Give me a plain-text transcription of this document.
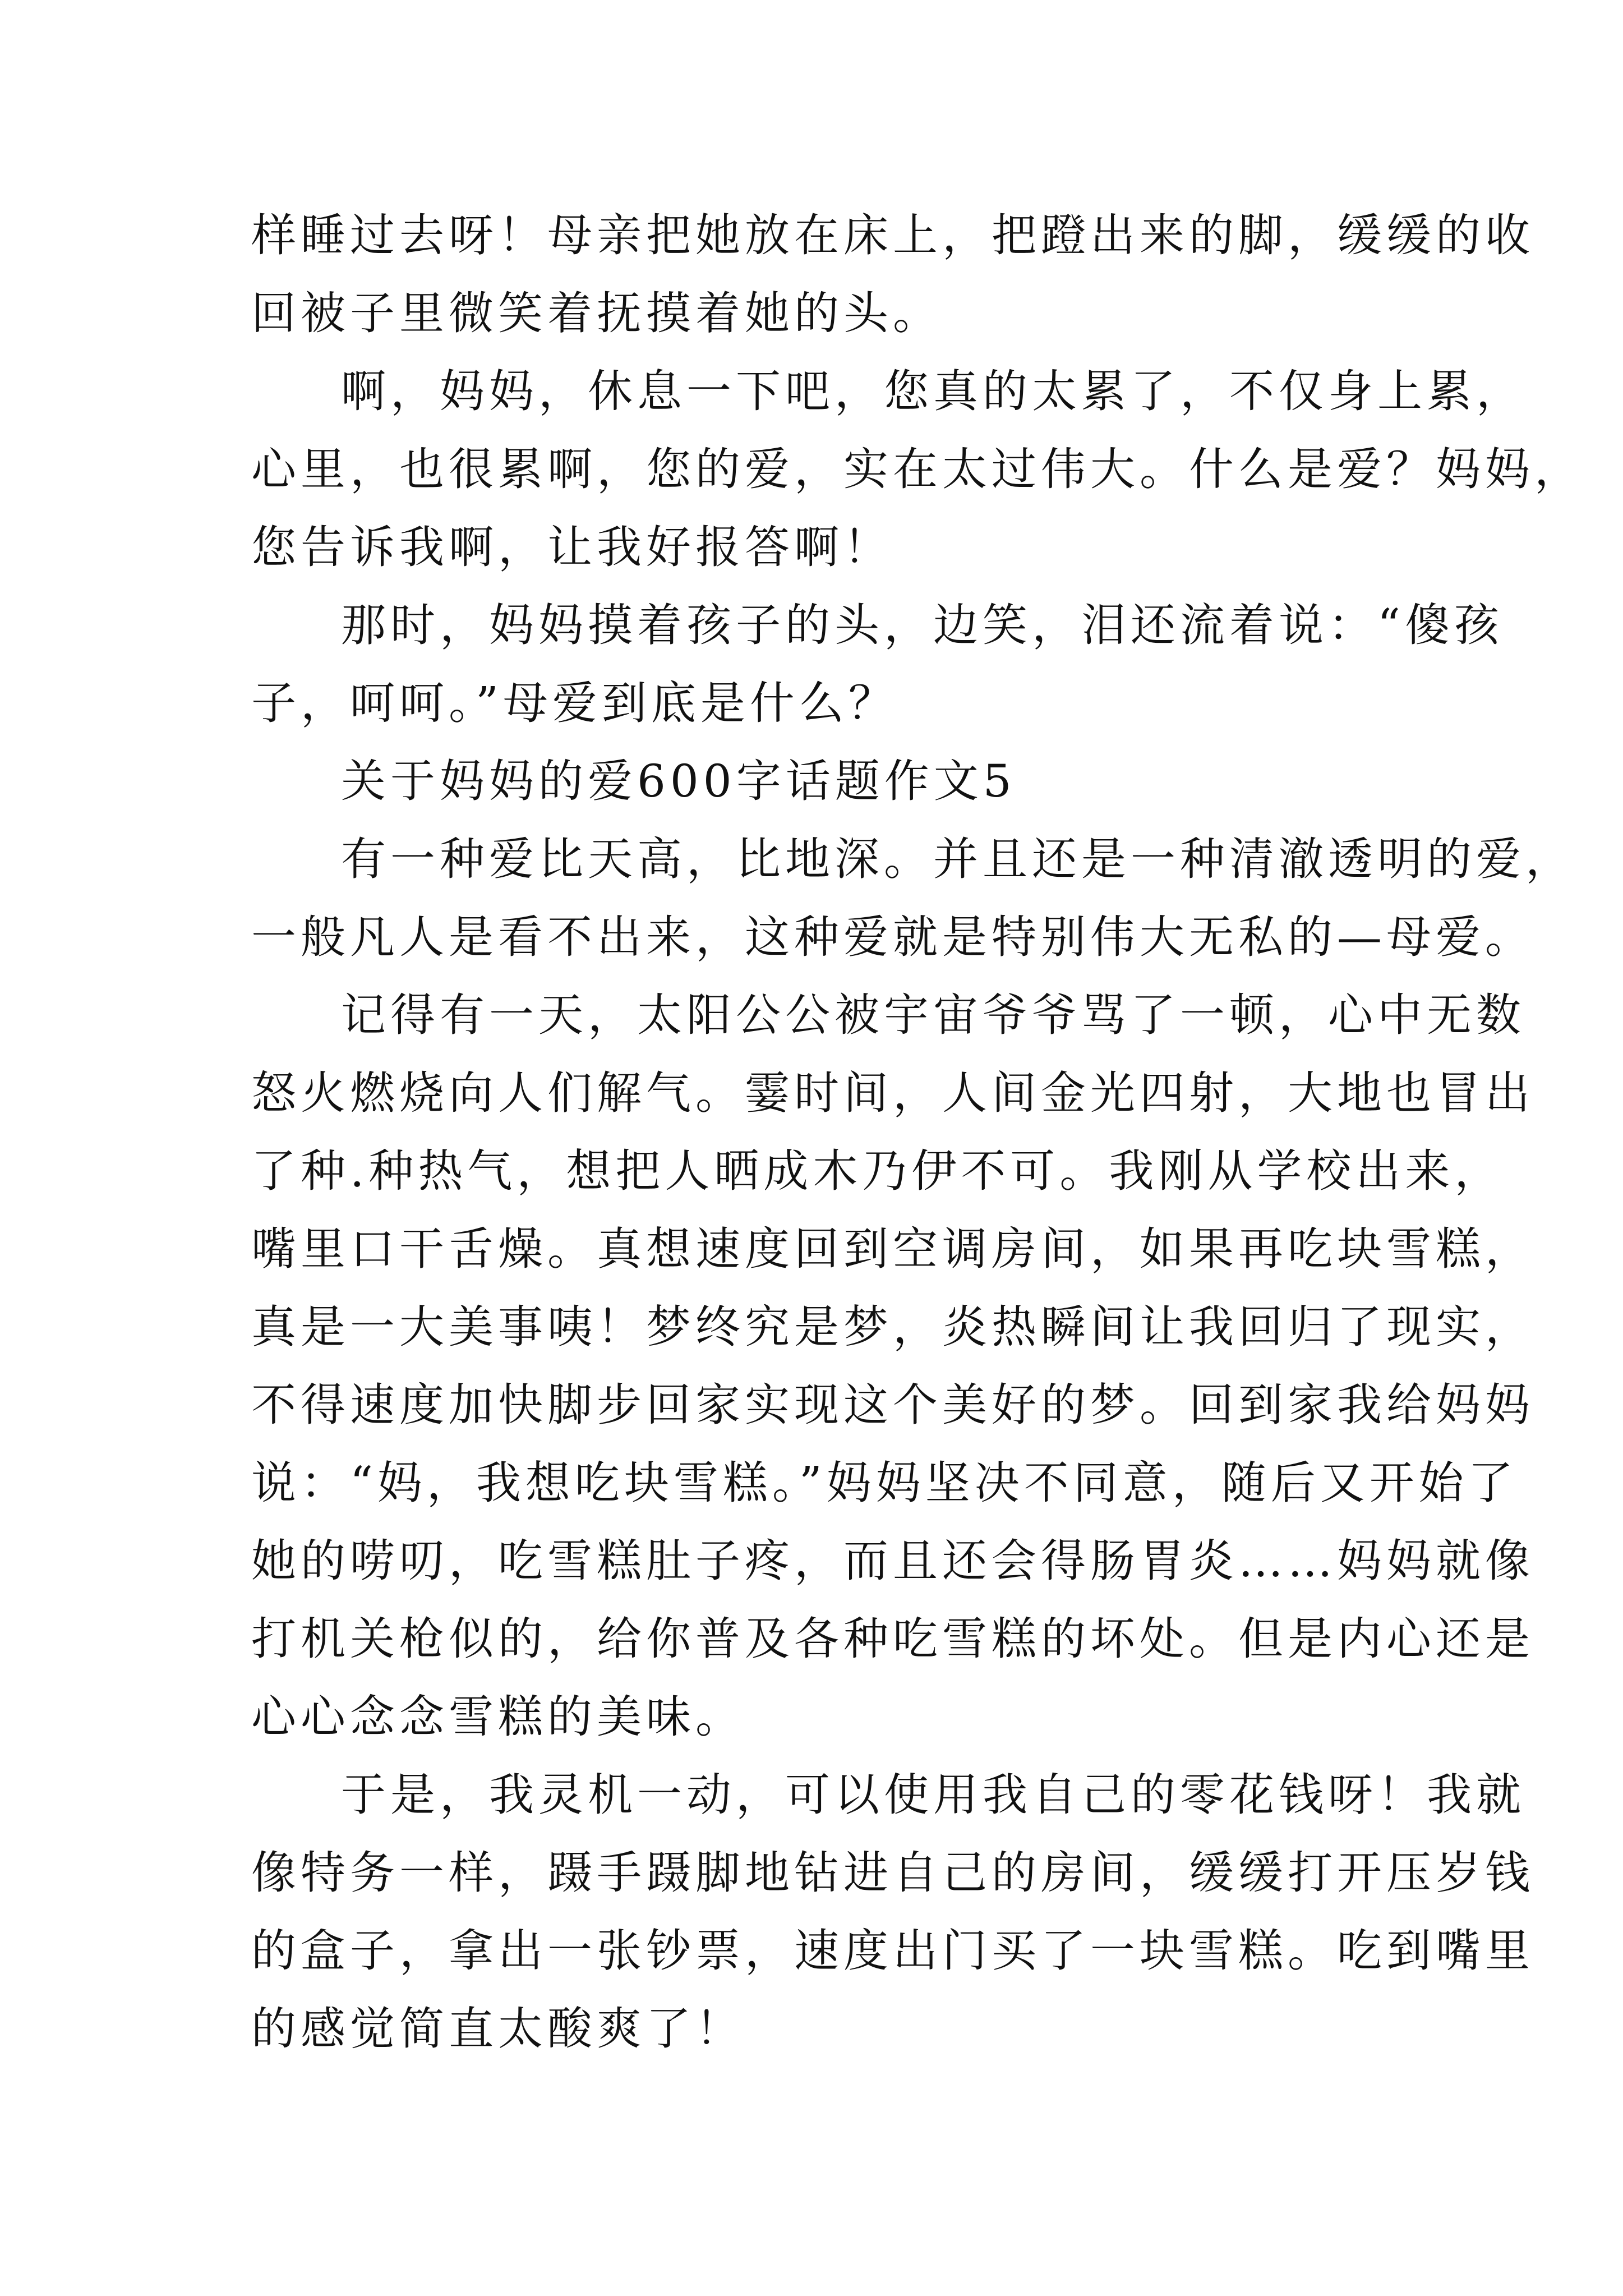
样睡过去呀！母亲把她放在床上，把蹬出来的脚，缓缓的收
回被子里微笑着抚摸着她的头。
啊，妈妈，休息一下吧，您真的太累了，不仅身上累，
心里，也很累啊，您的爱，实在太过伟大。什么是爱？妈妈，
您告诉我啊，让我好报答啊！
那时，妈妈摸着孩子的头，边笑，泪还流着说：“傻孩
子，呵呵。”母爱到底是什么？
关于妈妈的爱600字话题作文5
有一种爱比天高，比地深。并且还是一种清澈透明的爱，
一般凡人是看不出来，这种爱就是特别伟大无私的—母爱。
记得有一天，太阳公公被宇宙爷爷骂了一顿，心中无数
怒火燃烧向人们解气。霎时间，人间金光四射，大地也冒出
了种.种热气，想把人晒成木乃伊不可。我刚从学校出来，
嘴里口干舌燥。真想速度回到空调房间，如果再吃块雪糕，
真是一大美事咦！梦终究是梦，炎热瞬间让我回归了现实，
不得速度加快脚步回家实现这个美好的梦。回到家我给妈妈
说：“妈，我想吃块雪糕。”妈妈坚决不同意，随后又开始了
她的唠叨，吃雪糕肚子疼，而且还会得肠胃炎……妈妈就像
打机关枪似的，给你普及各种吃雪糕的坏处。但是内心还是
心心念念雪糕的美味。
于是，我灵机一动，可以使用我自己的零花钱呀！我就
像特务一样，蹑手蹑脚地钻进自己的房间，缓缓打开压岁钱
的盒子，拿出一张钞票，速度出门买了一块雪糕。吃到嘴里
的感觉简直太酸爽了！
